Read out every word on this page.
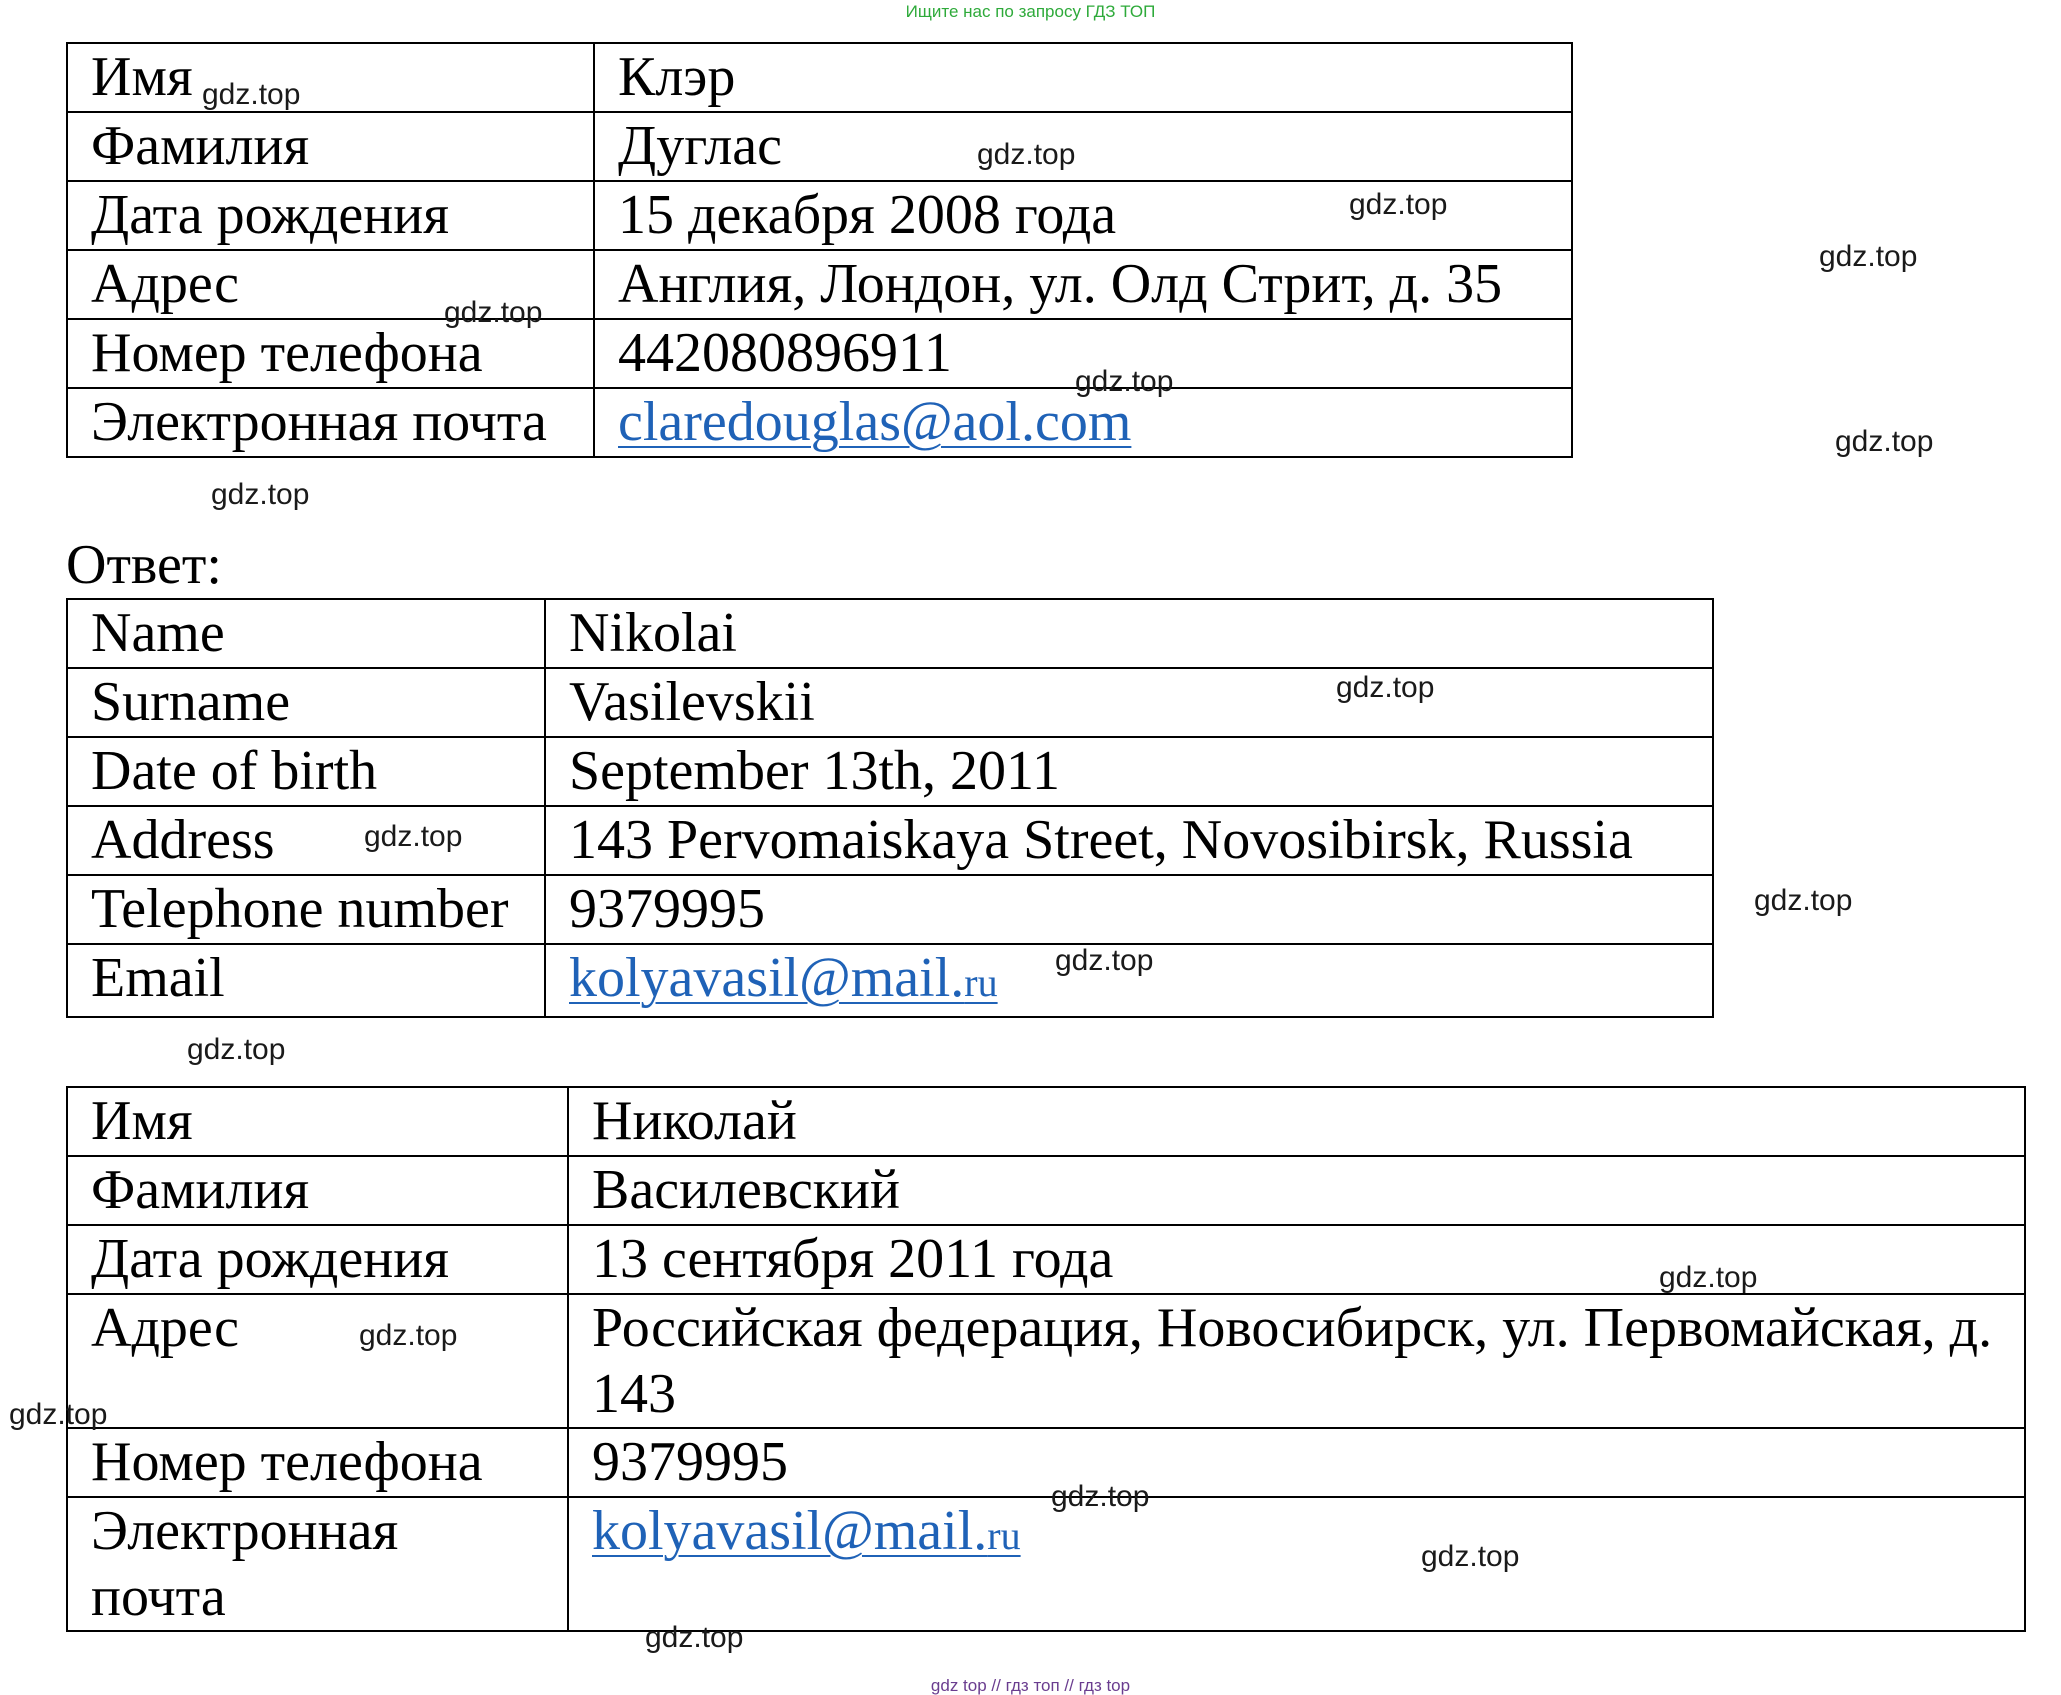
Ищите нас по запросу ГДЗ ТОП
Имя	Клэр
Фамилия	Дуглас
Дата рождения	15 декабря 2008 года
Адрес	Англия, Лондон, ул. Олд Стрит, д. 35
Номер телефона	442080896911
Электронная почта	claredouglas@aol.com
Ответ:
Name	Nikolai
Surname	Vasilevskii
Date of birth	September 13th, 2011
Address	143 Pervomaiskaya Street, Novosibirsk, Russia
Telephone number	9379995
Email	kolyavasil@mail.ru
Имя	Николай
Фамилия	Василевский
Дата рождения	13 сентября 2011 года
Адрес	Российская федерация, Новосибирск, ул. Первомайская, д. 143
Номер телефона	9379995
Электронная почта	kolyavasil@mail.ru
gdz.top
gdz.top
gdz.top
gdz.top
gdz.top
gdz.top
gdz.top
gdz.top
gdz.top
gdz.top
gdz.top
gdz.top
gdz.top
gdz.top
gdz.top
gdz.top
gdz.top
gdz.top
gdz.top
gdz top // гдз топ // гдз top
